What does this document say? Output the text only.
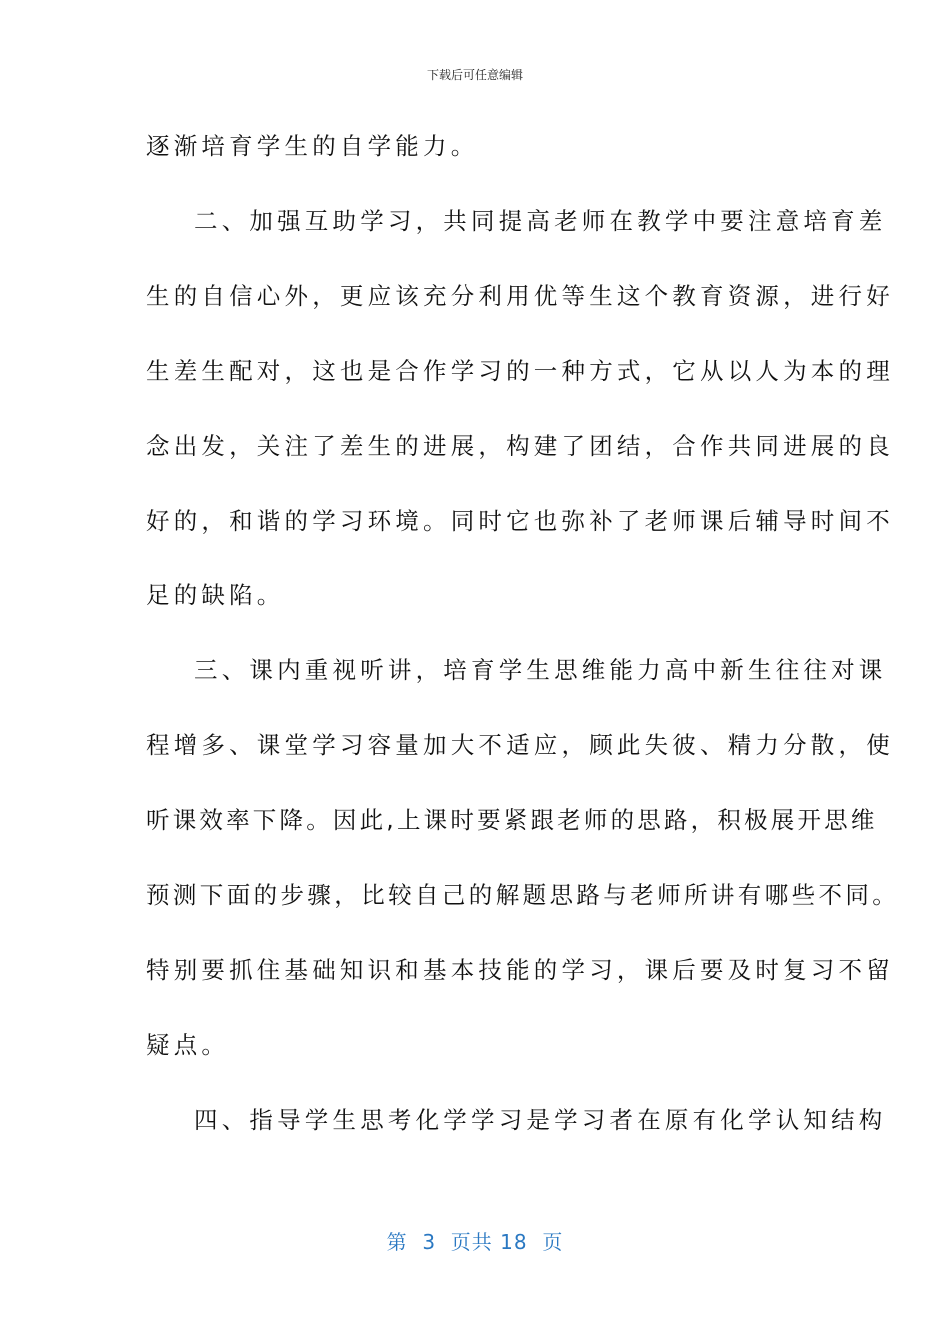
下载后可任意编辑
逐渐培育学生的自学能力。
二、加强互助学习，共同提高老师在教学中要注意培育差
生的自信心外，更应该充分利用优等生这个教育资源，进行好
生差生配对，这也是合作学习的一种方式，它从以人为本的理
念出发，关注了差生的进展，构建了团结，合作共同进展的良
好的，和谐的学习环境。同时它也弥补了老师课后辅导时间不
足的缺陷。
三、课内重视听讲，培育学生思维能力高中新生往往对课
程增多、课堂学习容量加大不适应，顾此失彼、精力分散，使
听课效率下降。因此,上课时要紧跟老师的思路，积极展开思维
预测下面的步骤，比较自己的解题思路与老师所讲有哪些不同。
特别要抓住基础知识和基本技能的学习，课后要及时复习不留
疑点。
四、指导学生思考化学学习是学习者在原有化学认知结构
第  3  页共 18  页
